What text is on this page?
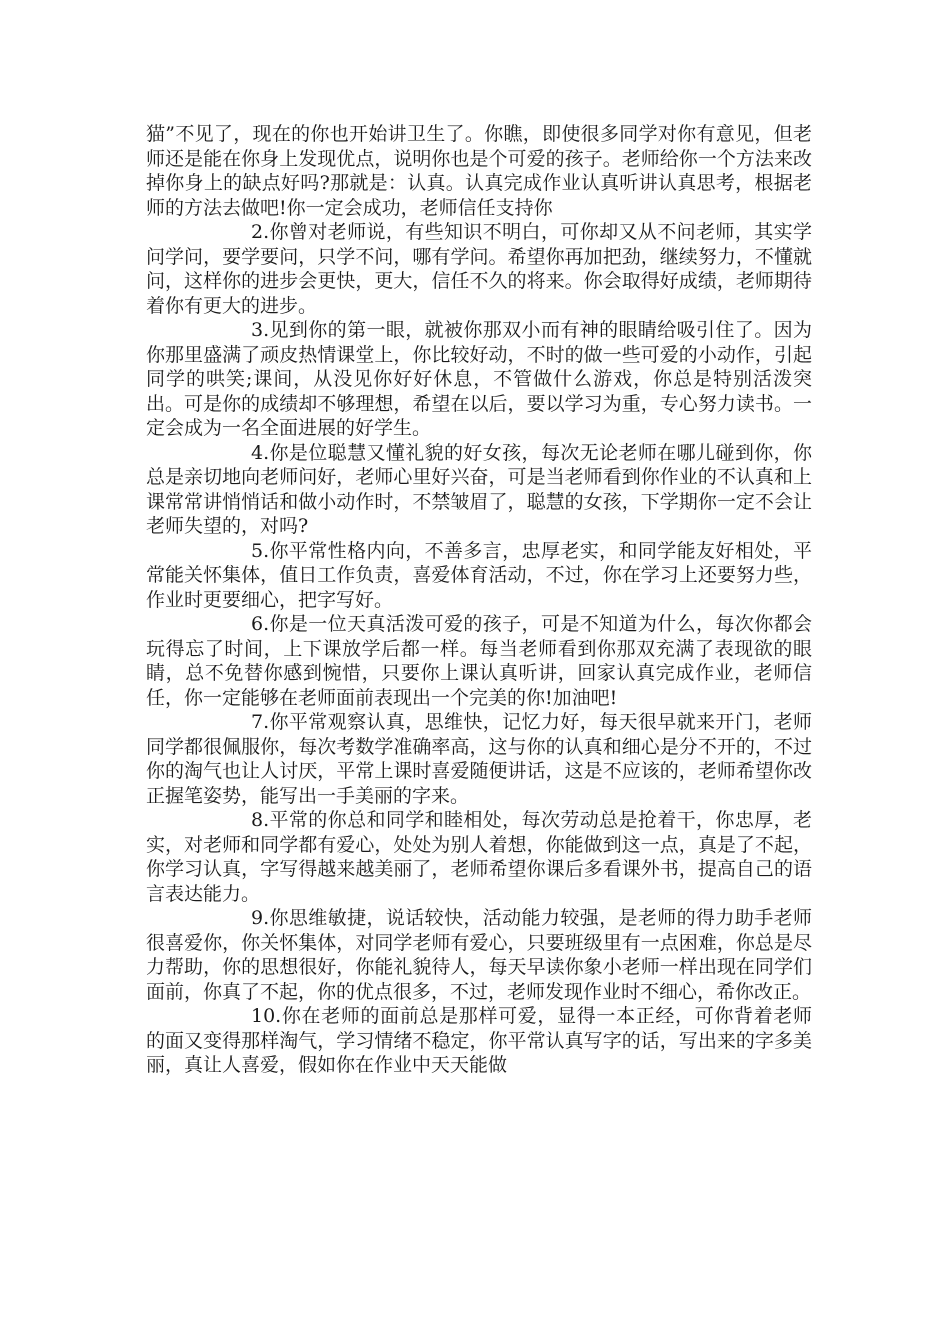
猫”不见了，现在的你也开始讲卫生了。你瞧，即使很多同学对你有意见，但老师还是能在你身上发现优点，说明你也是个可爱的孩子。老师给你一个方法来改掉你身上的缺点好吗?那就是：认真。认真完成作业认真听讲认真思考，根据老师的方法去做吧!你一定会成功，老师信任支持你

2.你曾对老师说，有些知识不明白，可你却又从不问老师，其实学问学问，要学要问，只学不问，哪有学问。希望你再加把劲，继续努力，不懂就问，这样你的进步会更快，更大，信任不久的将来。你会取得好成绩，老师期待着你有更大的进步。

3.见到你的第一眼，就被你那双小而有神的眼睛给吸引住了。因为你那里盛满了顽皮热情课堂上，你比较好动，不时的做一些可爱的小动作，引起同学的哄笑;课间，从没见你好好休息，不管做什么游戏，你总是特别活泼突出。可是你的成绩却不够理想，希望在以后，要以学习为重，专心努力读书。一定会成为一名全面进展的好学生。

4.你是位聪慧又懂礼貌的好女孩，每次无论老师在哪儿碰到你，你总是亲切地向老师问好，老师心里好兴奋，可是当老师看到你作业的不认真和上课常常讲悄悄话和做小动作时，不禁皱眉了，聪慧的女孩，下学期你一定不会让老师失望的，对吗?

5.你平常性格内向，不善多言，忠厚老实，和同学能友好相处，平常能关怀集体，值日工作负责，喜爱体育活动，不过，你在学习上还要努力些，作业时更要细心，把字写好。

6.你是一位天真活泼可爱的孩子，可是不知道为什么，每次你都会玩得忘了时间，上下课放学后都一样。每当老师看到你那双充满了表现欲的眼睛，总不免替你感到惋惜，只要你上课认真听讲，回家认真完成作业，老师信任，你一定能够在老师面前表现出一个完美的你!加油吧!

7.你平常观察认真，思维快，记忆力好，每天很早就来开门，老师同学都很佩服你，每次考数学准确率高，这与你的认真和细心是分不开的，不过你的淘气也让人讨厌，平常上课时喜爱随便讲话，这是不应该的，老师希望你改正握笔姿势，能写出一手美丽的字来。

8.平常的你总和同学和睦相处，每次劳动总是抢着干，你忠厚，老实，对老师和同学都有爱心，处处为别人着想，你能做到这一点，真是了不起，你学习认真，字写得越来越美丽了，老师希望你课后多看课外书，提高自己的语言表达能力。

9.你思维敏捷，说话较快，活动能力较强，是老师的得力助手老师很喜爱你，你关怀集体，对同学老师有爱心，只要班级里有一点困难，你总是尽力帮助，你的思想很好，你能礼貌待人，每天早读你象小老师一样出现在同学们面前，你真了不起，你的优点很多，不过，老师发现作业时不细心，希你改正。

10.你在老师的面前总是那样可爱，显得一本正经，可你背着老师的面又变得那样淘气，学习情绪不稳定，你平常认真写字的话，写出来的字多美丽，真让人喜爱，假如你在作业中天天能做
